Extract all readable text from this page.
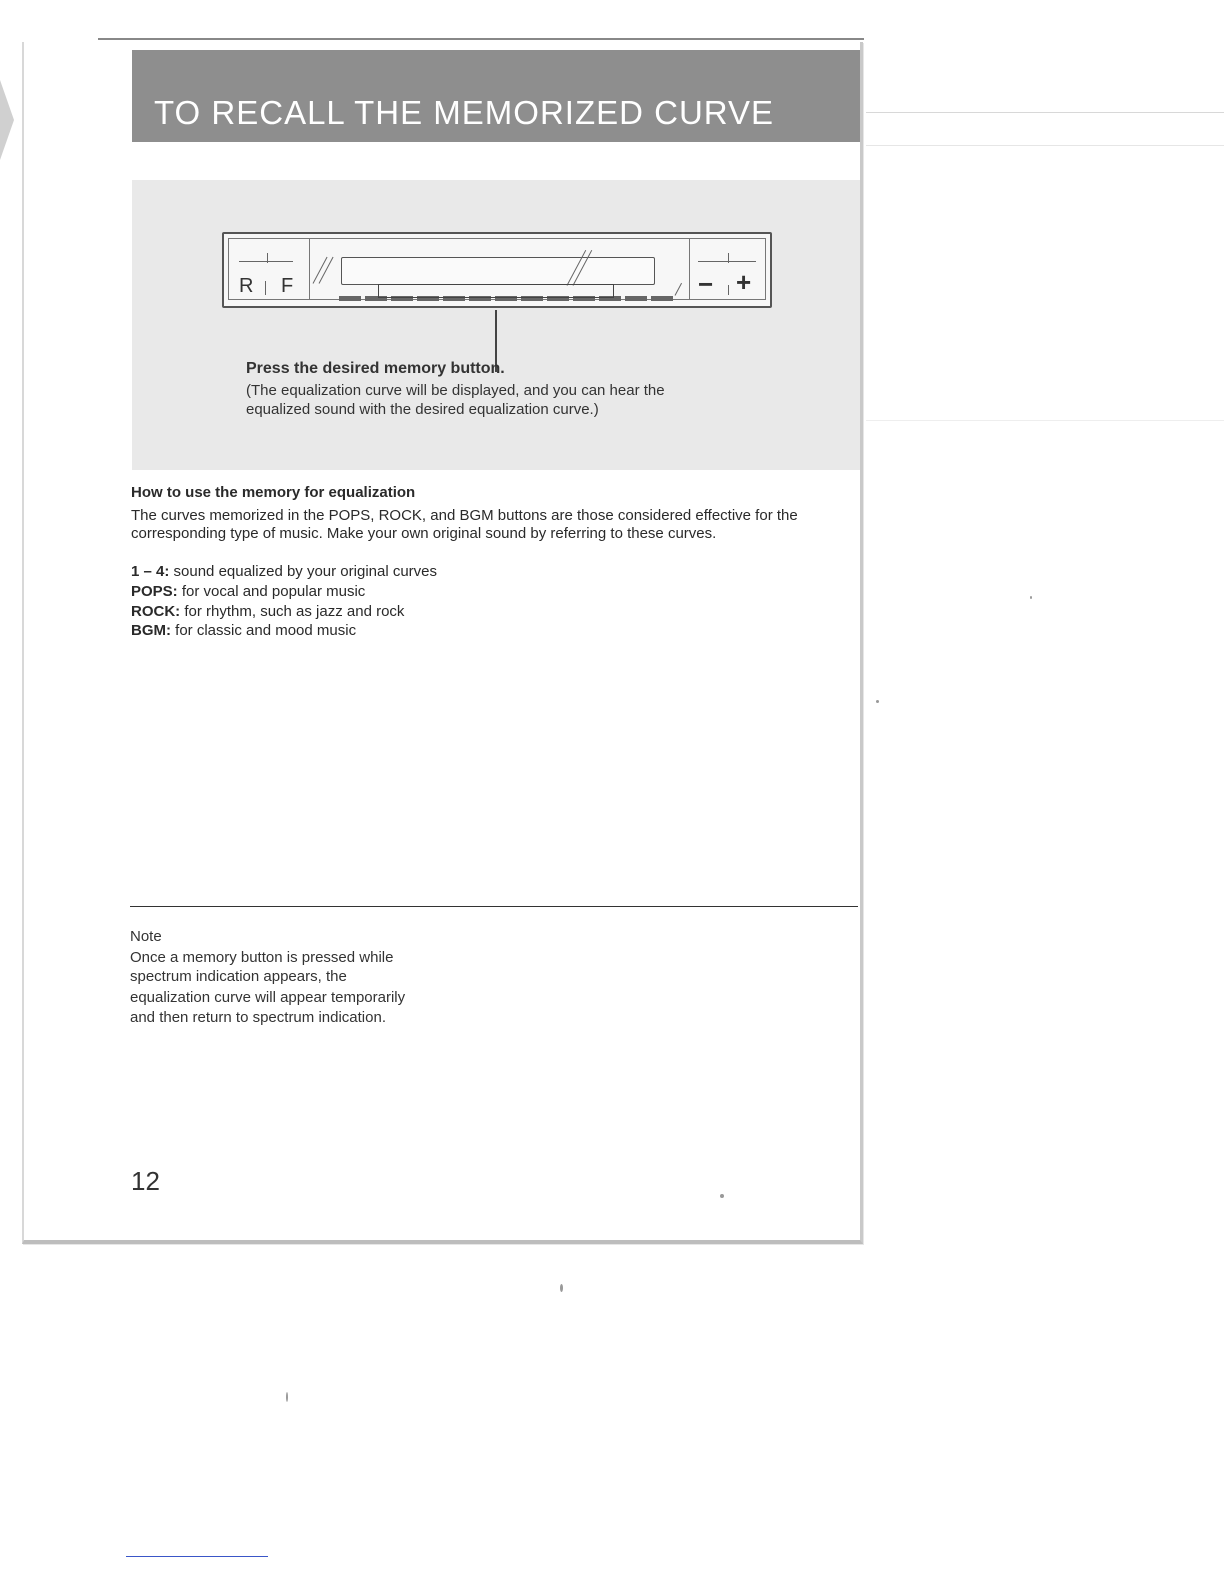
TO RECALL THE MEMORIZED CURVE
R F	− +
Press the desired memory button.
(The equalization curve will be displayed, and you can hear the
equalized sound with the desired equalization curve.)
How to use the memory for equalization
The curves memorized in the POPS, ROCK, and BGM buttons are those considered effective for the corresponding type of music. Make your own original sound by referring to these curves.
1 – 4: sound equalized by your original curves
POPS: for vocal and popular music
ROCK: for rhythm, such as jazz and rock
BGM: for classic and mood music
Note
Once a memory button is pressed while
spectrum indication appears, the
equalization curve will appear temporarily
and then return to spectrum indication.
12
